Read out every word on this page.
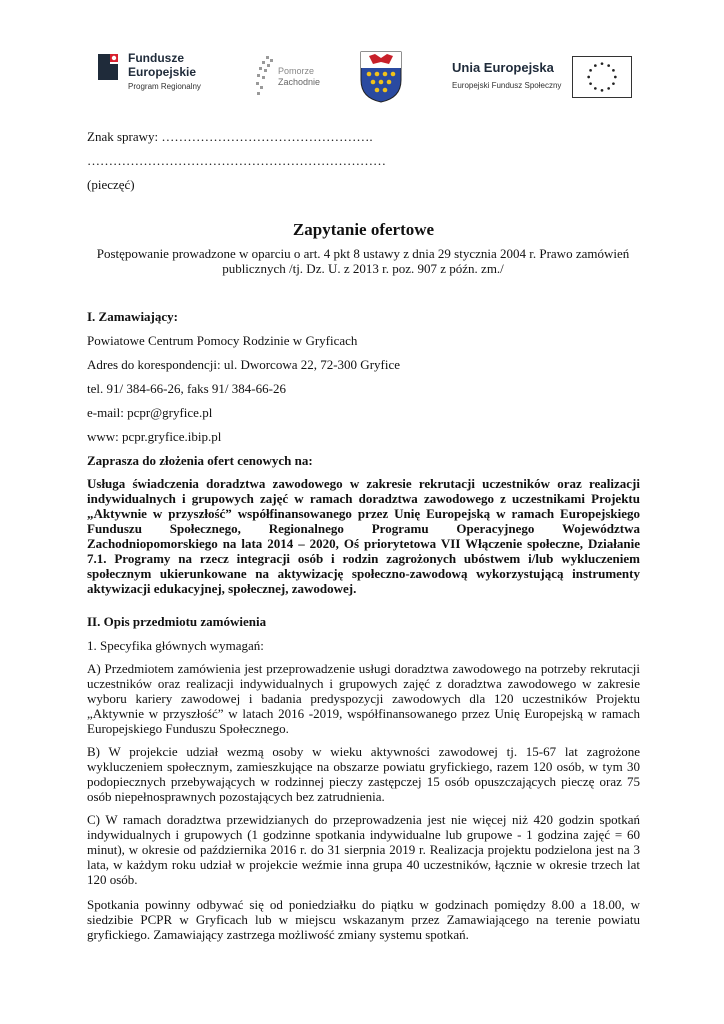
Fundusze
Europejskie
Program Regionalny
Pomorze
Zachodnie
Unia Europejska
Europejski Fundusz Społeczny

Znak sprawy: ………………………………………….

……………………………………………………………

(pieczęć)

Zapytanie ofertowe

Postępowanie prowadzone w oparciu o art. 4 pkt 8 ustawy z dnia 29 stycznia 2004 r. Prawo zamówień publicznych /tj. Dz. U. z 2013 r. poz. 907 z późn. zm./

I. Zamawiający:

Powiatowe Centrum Pomocy Rodzinie w Gryficach

Adres do korespondencji: ul. Dworcowa 22, 72-300 Gryfice

tel. 91/ 384-66-26, faks 91/ 384-66-26

e-mail: pcpr@gryfice.pl

www: pcpr.gryfice.ibip.pl

Zaprasza do złożenia ofert cenowych na:

Usługa świadczenia doradztwa zawodowego w zakresie rekrutacji uczestników oraz realizacji indywidualnych i grupowych zajęć w ramach doradztwa zawodowego z uczestnikami Projektu „Aktywnie w przyszłość” współfinansowanego przez Unię Europejską w ramach Europejskiego Funduszu Społecznego, Regionalnego Programu Operacyjnego Województwa Zachodniopomorskiego na lata 2014 – 2020, Oś priorytetowa VII Włączenie społeczne, Działanie 7.1. Programy na rzecz integracji osób i rodzin zagrożonych ubóstwem i/lub wykluczeniem społecznym ukierunkowane na aktywizację społeczno-zawodową wykorzystującą instrumenty aktywizacji edukacyjnej, społecznej, zawodowej.

II. Opis przedmiotu zamówienia

1. Specyfika głównych wymagań:

A) Przedmiotem zamówienia jest przeprowadzenie usługi doradztwa zawodowego na potrzeby rekrutacji uczestników oraz realizacji indywidualnych i grupowych zajęć z doradztwa zawodowego w zakresie wyboru kariery zawodowej i badania predyspozycji zawodowych dla 120 uczestników Projektu „Aktywnie w przyszłość” w latach 2016 -2019, współfinansowanego przez Unię Europejską w ramach Europejskiego Funduszu Społecznego.

B) W projekcie udział wezmą osoby w wieku aktywności zawodowej tj. 15-67 lat zagrożone wykluczeniem społecznym, zamieszkujące na obszarze powiatu gryfickiego, razem 120 osób, w tym 30 podopiecznych przebywających w rodzinnej pieczy zastępczej 15 osób opuszczających pieczę oraz 75 osób niepełnosprawnych pozostających bez zatrudnienia.

C) W ramach doradztwa przewidzianych do przeprowadzenia jest nie więcej niż 420 godzin spotkań indywidualnych i grupowych (1 godzinne spotkania indywidualne lub grupowe - 1 godzina zajęć = 60 minut), w okresie od października 2016 r. do 31 sierpnia 2019 r. Realizacja projektu podzielona jest na 3 lata, w każdym roku udział w projekcie weźmie inna grupa 40 uczestników, łącznie w okresie trzech lat 120 osób.

Spotkania powinny odbywać się od poniedziałku do piątku w godzinach pomiędzy 8.00 a 18.00, w siedzibie PCPR w Gryficach lub w miejscu wskazanym przez Zamawiającego na terenie powiatu gryfickiego. Zamawiający zastrzega możliwość zmiany systemu spotkań.
